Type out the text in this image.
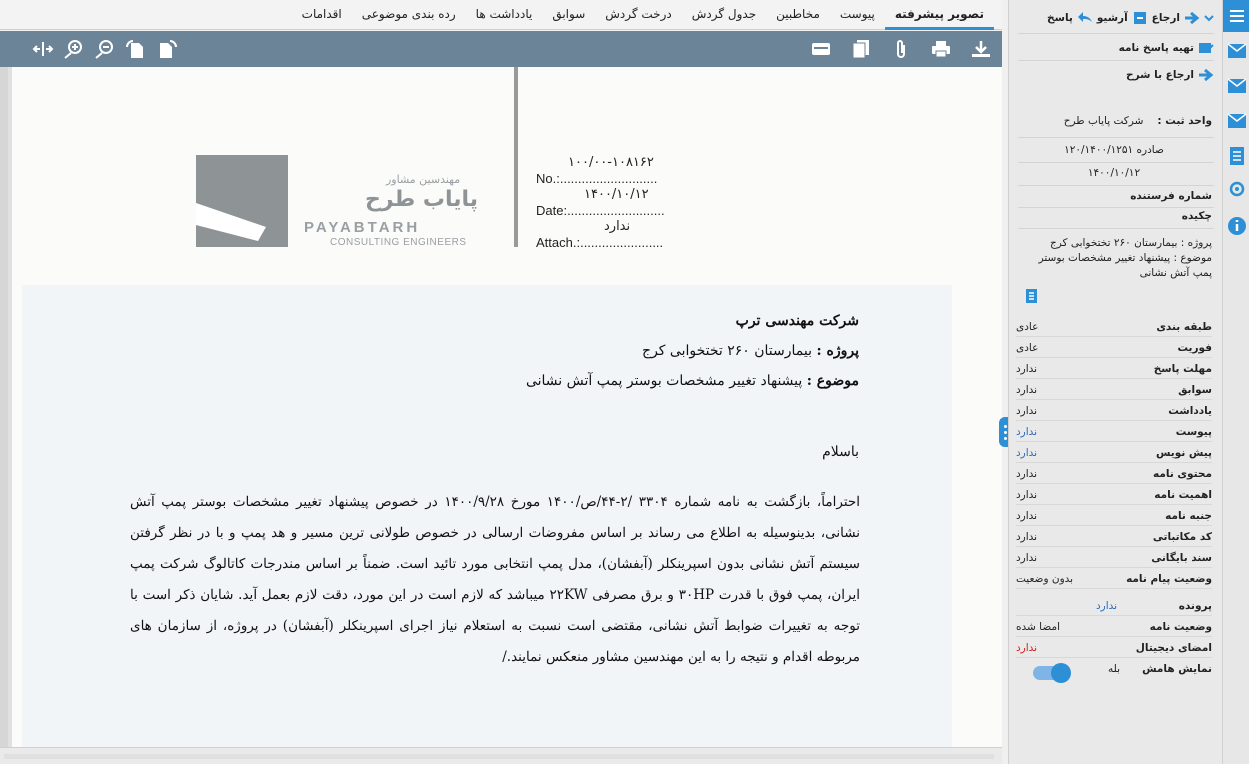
تصویر پیشرفته
پیوست
مخاطبین
جدول گردش
درخت گردش
سوابق
یادداشت ها
رده بندی موضوعی
اقدامات
مهندسین مشاور
پایاب طرح
PAYABTARH
CONSULTING ENGINEERS
۱۰۰/۰۰-۱۰۸۱۶۲
No.:...........................
۱۴۰۰/۱۰/۱۲
Date:...........................
ندارد
Attach.:.......................
شرکت مهندسی ترپ
پروژه : بیمارستان ۲۶۰ تختخوابی کرج
موضوع : پیشنهاد تغییر مشخصات بوستر پمپ آتش نشانی
باسلام
احتراماً، بازگشت به نامه شماره ۳۳۰۴ /۲-۴۴/ص/۱۴۰۰ مورخ ۱۴۰۰/۹/۲۸ در خصوص پیشنهاد تغییر مشخصات بوستر پمپ آتش نشانی، بدینوسیله به اطلاع می رساند بر اساس مفروضات ارسالی در خصوص طولانی ترین مسیر و هد پمپ و با در نظر گرفتن سیستم آتش نشانی بدون اسپرینکلر (آبفشان)، مدل پمپ انتخابی مورد تائید است. ضمناً بر اساس مندرجات کاتالوگ شرکت پمپ ایران، پمپ فوق با قدرت ۳۰HP و برق مصرفی ۲۲KW میباشد که لازم است در این مورد، دقت لازم بعمل آید. شایان ذکر است با توجه به تغییرات ضوابط آتش نشانی، مقتضی است نسبت به استعلام نیاز اجرای اسپرینکلر (آبفشان) در پروژه، از سازمان های مربوطه اقدام و نتیجه را به این مهندسین مشاور منعکس نمایند./
ارجاع
آرشیو
پاسخ
تهیه پاسخ نامه
ارجاع با شرح
واحد ثبت :
شرکت پایاب طرح
صادره ۱۲۰/۱۴۰۰/۱۲۵۱
۱۴۰۰/۱۰/۱۲
شماره فرستنده
چکیده
پروژه : بیمارستان ۲۶۰ تختخوابی کرج
موضوع : پیشنهاد تغییر مشخصات بوستر پمپ آتش نشانی
طبقه بندی
عادی
فوریت
عادی
مهلت پاسخ
ندارد
سوابق
ندارد
یادداشت
ندارد
پیوست
ندارد
پیش نویس
ندارد
محتوی نامه
ندارد
اهمیت نامه
ندارد
جنبه نامه
ندارد
کد مکاتباتی
ندارد
سند بایگانی
ندارد
وضعیت پیام نامه
بدون وضعیت
پرونده
ندارد
وضعیت نامه
امضا شده
امضای دیجیتال
ندارد
نمایش هامش
بله
